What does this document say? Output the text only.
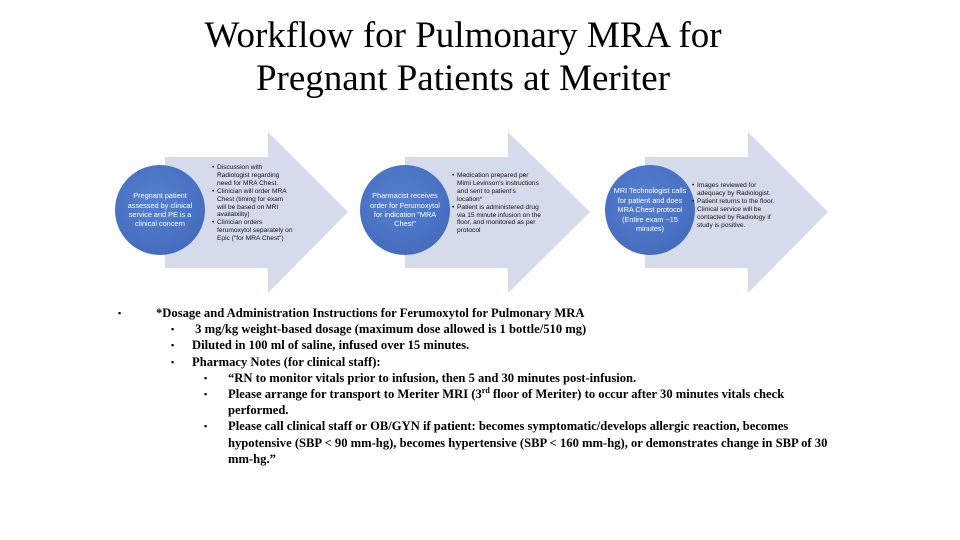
Workflow for Pulmonary MRA for
Pregnant Patients at Meriter
Pregnant patient assessed by clinical service and PE is a clinical concern
• Discussion with Radiologist regarding need for MRA Chest.
• Clinician will order MRA Chest (timing for exam will be based on MRI availability)
• Clinician orders ferumoxytol separately on Epic ("for MRA Chest")
Pharmacist receives order for Ferumoxytol for indication "MRA Chest"
• Medication prepared per Mimi Levinson's instructions and sent to patient's location*
• Patient is administered drug via 15 minute infusion on the floor, and monitored as per protocol
MRI Technologist calls for patient and does MRA Chest protocol (Entire exam ~15 minutes)
• Images reviewed for adequacy by Radiologist.
• Patient returns to the floor. Clinical service will be contacted by Radiology if study is positive.
▪	*Dosage and Administration Instructions for Ferumoxytol for Pulmonary MRA
▪ 3 mg/kg weight-based dosage (maximum dose allowed is 1 bottle/510 mg)
▪ Diluted in 100 ml of saline, infused over 15 minutes.
▪ Pharmacy Notes (for clinical staff):
▪ “RN to monitor vitals prior to infusion, then 5 and 30 minutes post-infusion.
▪ Please arrange for transport to Meriter MRI (3rd floor of Meriter) to occur after 30 minutes vitals check performed.
▪ Please call clinical staff or OB/GYN if patient: becomes symptomatic/develops allergic reaction, becomes hypotensive (SBP < 90 mm-hg), becomes hypertensive (SBP < 160 mm-hg), or demonstrates change in SBP of 30 mm-hg.”
